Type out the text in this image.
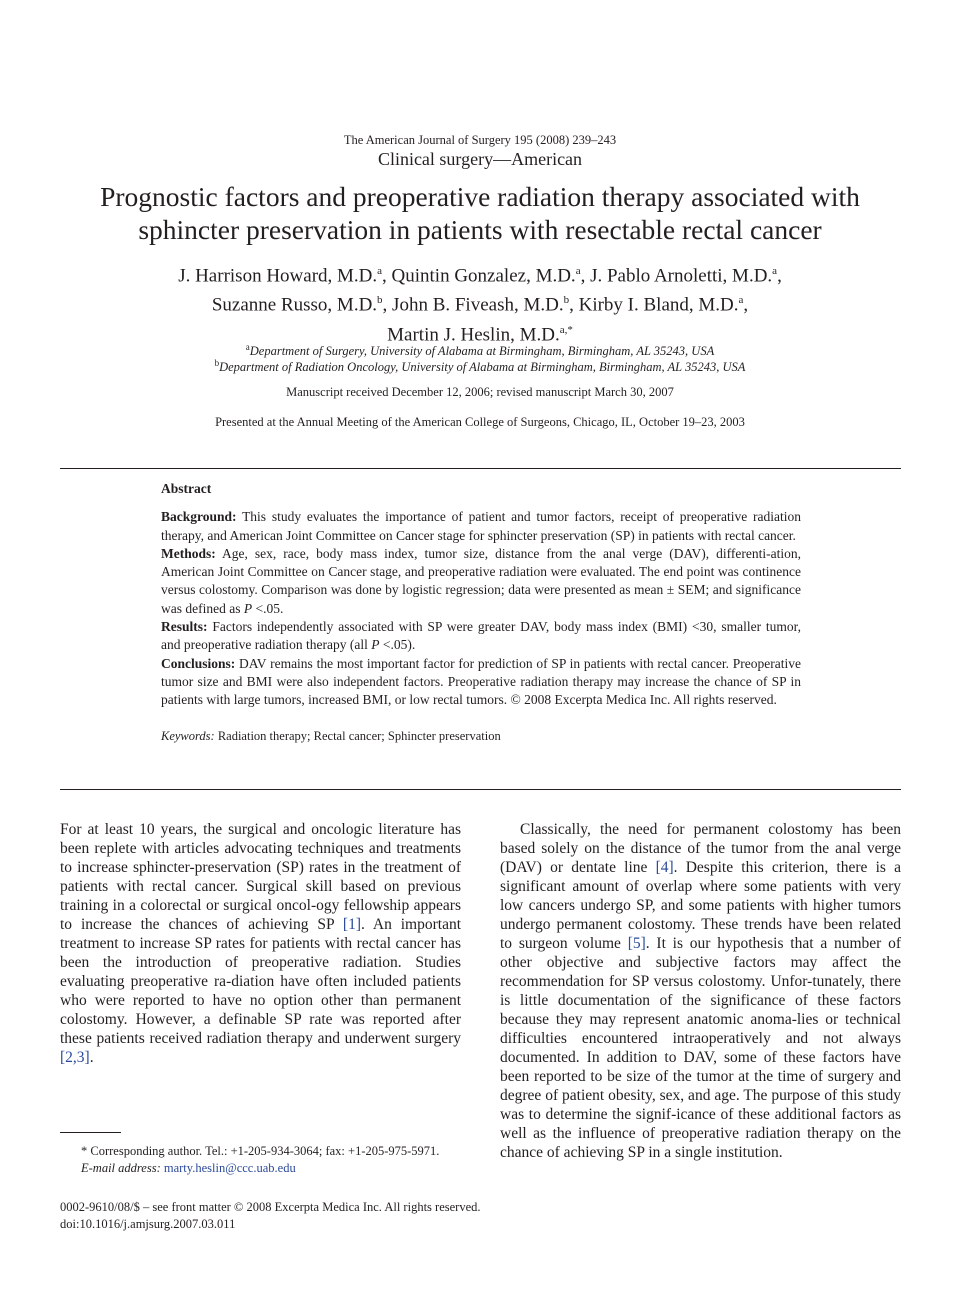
The American Journal of Surgery 195 (2008) 239–243
Clinical surgery—American
Prognostic factors and preoperative radiation therapy associated with
sphincter preservation in patients with resectable rectal cancer
J. Harrison Howard, M.D.$^a$, Quintin Gonzalez, M.D.$^a$, J. Pablo Arnoletti, M.D.$^a$,
Suzanne Russo, M.D.$^b$, John B. Fiveash, M.D.$^b$, Kirby I. Bland, M.D.$^a$,
Martin J. Heslin, M.D.$^{a,*}$
$^a$Department of Surgery, University of Alabama at Birmingham, Birmingham, AL 35243, USA
$^b$Department of Radiation Oncology, University of Alabama at Birmingham, Birmingham, AL 35243, USA
Manuscript received December 12, 2006; revised manuscript March 30, 2007
Presented at the Annual Meeting of the American College of Surgeons, Chicago, IL, October 19–23, 2003

Abstract

Background: This study evaluates the importance of patient and tumor factors, receipt of preoperative radiation therapy, and American Joint Committee on Cancer stage for sphincter preservation (SP) in patients with rectal cancer.

Methods: Age, sex, race, body mass index, tumor size, distance from the anal verge (DAV), differenti-ation, American Joint Committee on Cancer stage, and preoperative radiation were evaluated. The end point was continence versus colostomy. Comparison was done by logistic regression; data were presented as mean ± SEM; and significance was defined as P <.05.

Results: Factors independently associated with SP were greater DAV, body mass index (BMI) <30, smaller tumor, and preoperative radiation therapy (all P <.05).

Conclusions: DAV remains the most important factor for prediction of SP in patients with rectal cancer. Preoperative tumor size and BMI were also independent factors. Preoperative radiation therapy may increase the chance of SP in patients with large tumors, increased BMI, or low rectal tumors. © 2008 Excerpta Medica Inc. All rights reserved.

Keywords: Radiation therapy; Rectal cancer; Sphincter preservation

For at least 10 years, the surgical and oncologic literature has been replete with articles advocating techniques and treatments to increase sphincter-preservation (SP) rates in the treatment of patients with rectal cancer. Surgical skill based on previous training in a colorectal or surgical oncol-ogy fellowship appears to increase the chances of achieving SP [1]. An important treatment to increase SP rates for patients with rectal cancer has been the introduction of preoperative radiation. Studies evaluating preoperative ra-diation have often included patients who were reported to have no option other than permanent colostomy. However, a definable SP rate was reported after these patients received radiation therapy and underwent surgery [2,3].

Classically, the need for permanent colostomy has been based solely on the distance of the tumor from the anal verge (DAV) or dentate line [4]. Despite this criterion, there is a significant amount of overlap where some patients with very low cancers undergo SP, and some patients with higher tumors undergo permanent colostomy. These trends have been related to surgeon volume [5]. It is our hypothesis that a number of other objective and subjective factors may affect the recommendation for SP versus colostomy. Unfor-tunately, there is little documentation of the significance of these factors because they may represent anatomic anoma-lies or technical difficulties encountered intraoperatively and not always documented. In addition to DAV, some of these factors have been reported to be size of the tumor at the time of surgery and degree of patient obesity, sex, and age. The purpose of this study was to determine the signif-icance of these additional factors as well as the influence of preoperative radiation therapy on the chance of achieving SP in a single institution.

* Corresponding author. Tel.: +1-205-934-3064; fax: +1-205-975-5971.
E-mail address: marty.heslin@ccc.uab.edu
0002-9610/08/$ – see front matter © 2008 Excerpta Medica Inc. All rights reserved.
doi:10.1016/j.amjsurg.2007.03.011
